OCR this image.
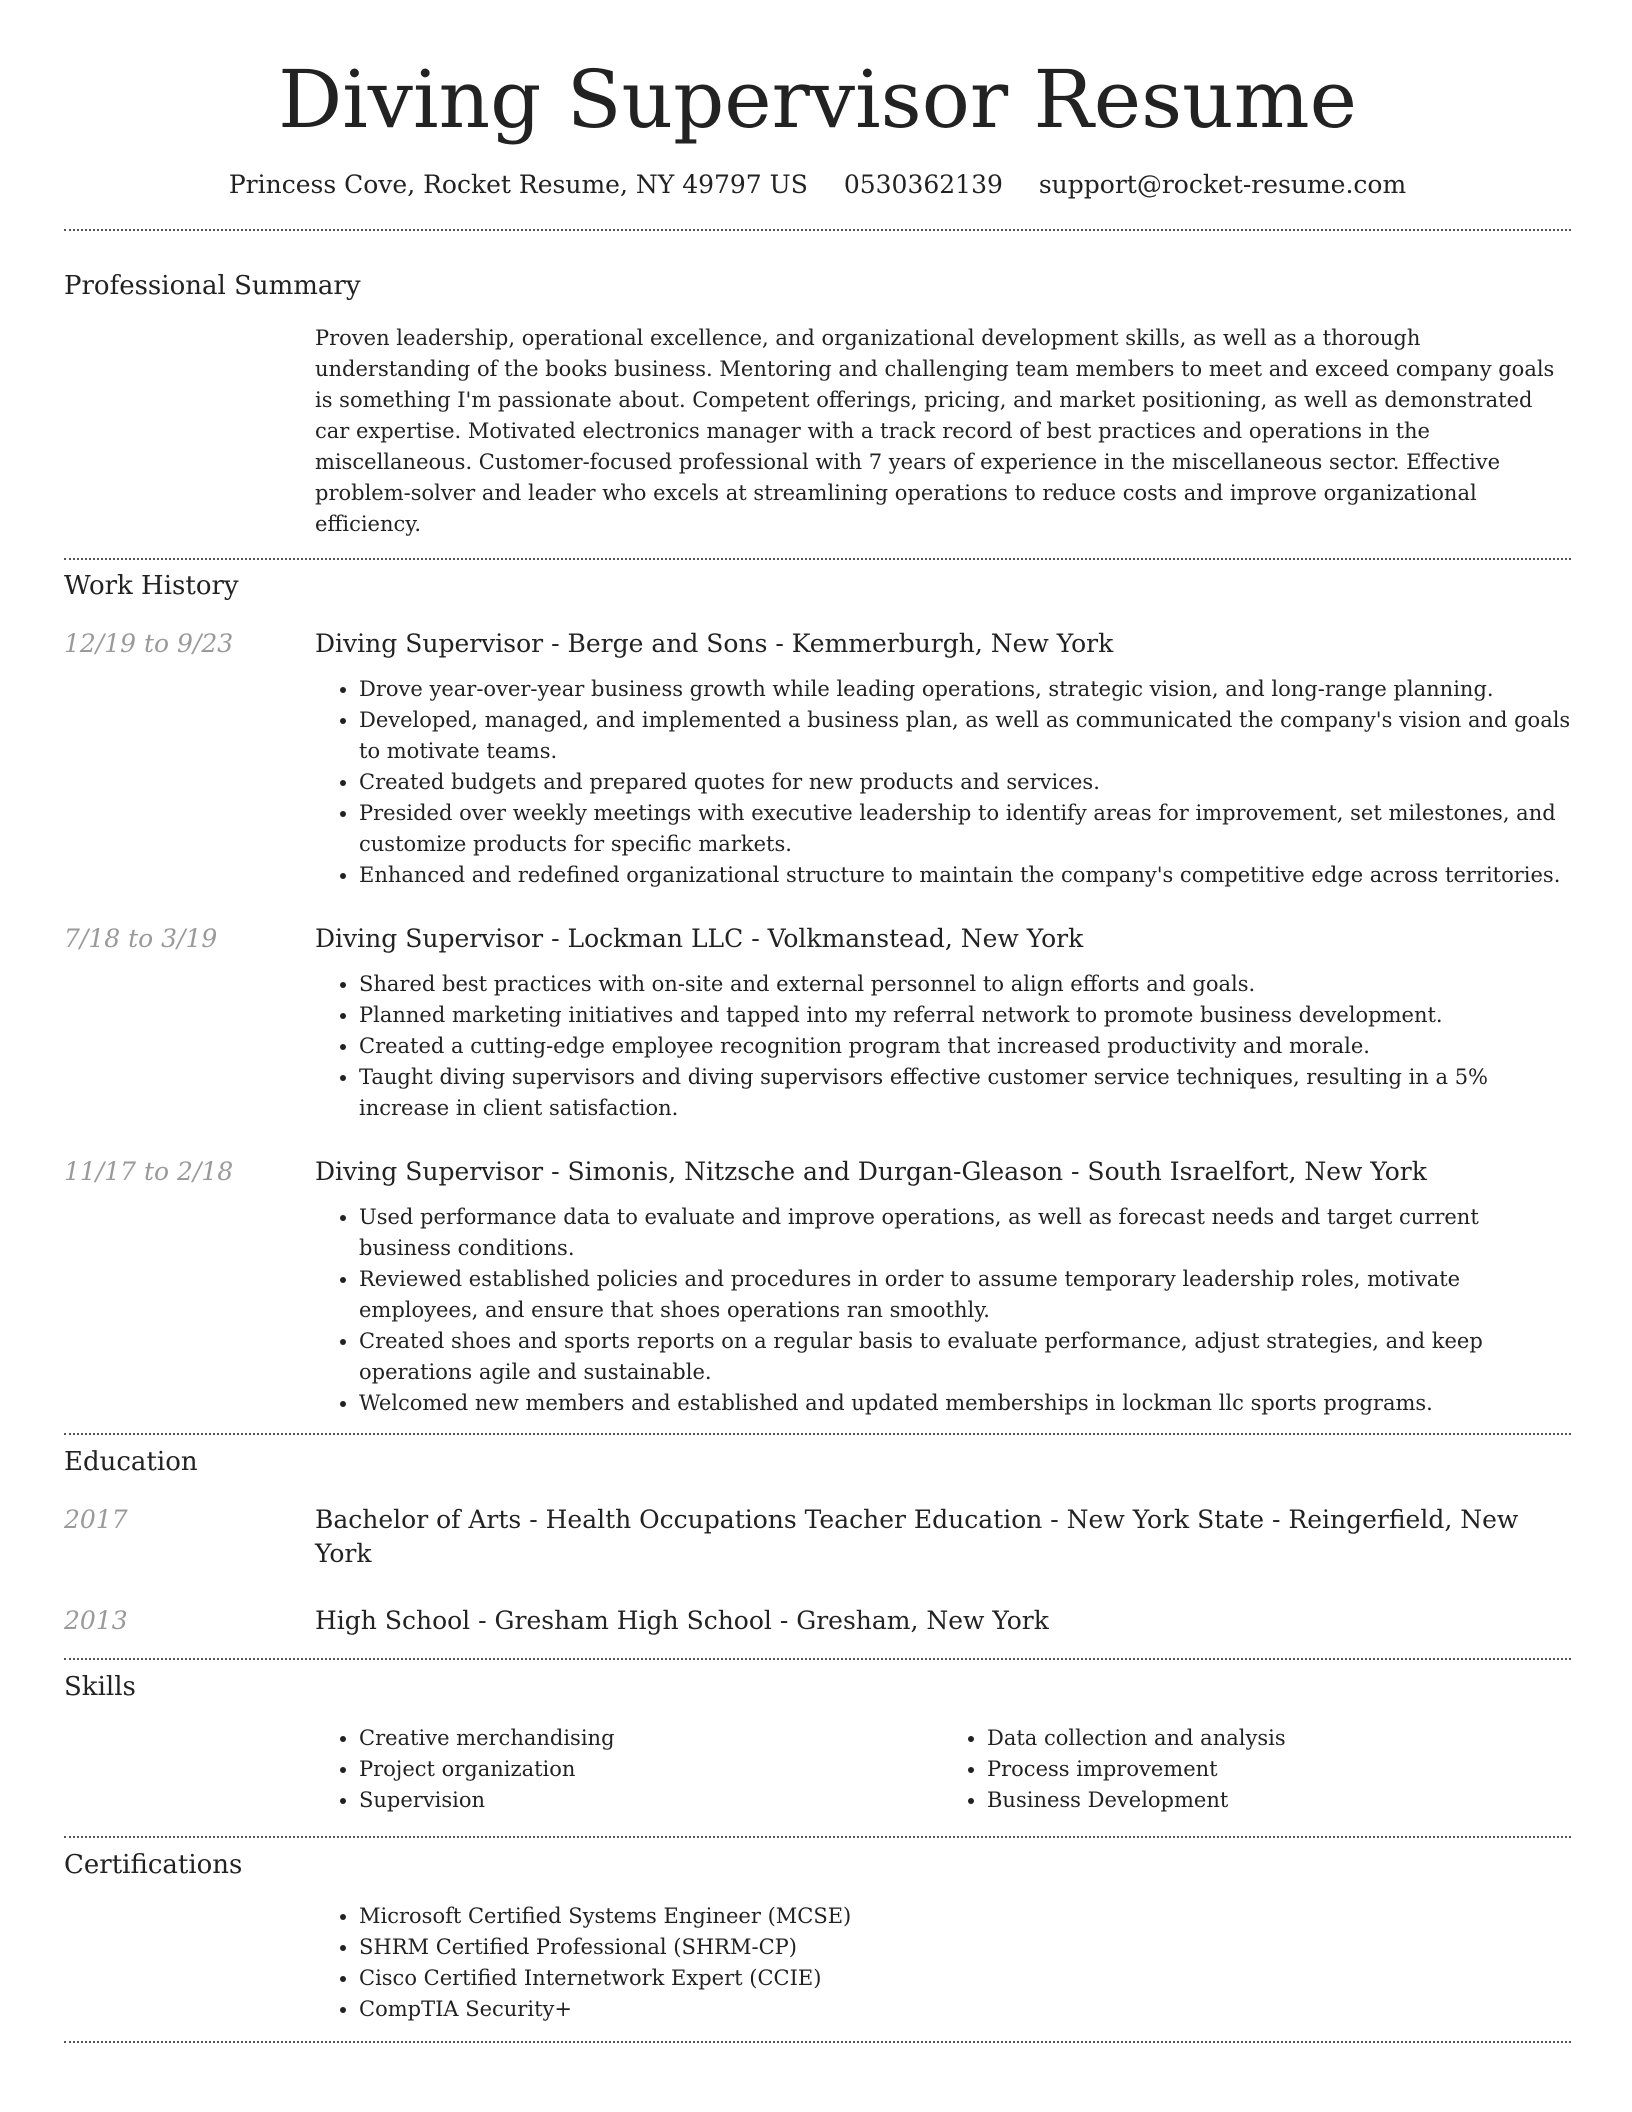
Diving Supervisor Resume
Princess Cove, Rocket Resume, NY 49797 US 0530362139 support@rocket-resume.com
Professional Summary
Proven leadership, operational excellence, and organizational development skills, as well as a thorough understanding of the books business. Mentoring and challenging team members to meet and exceed company goals is something I'm passionate about. Competent offerings, pricing, and market positioning, as well as demonstrated car expertise. Motivated electronics manager with a track record of best practices and operations in the miscellaneous. Customer-focused professional with 7 years of experience in the miscellaneous sector. Effective problem-solver and leader who excels at streamlining operations to reduce costs and improve organizational efficiency.
Work History
12/19 to 9/23	Diving Supervisor - Berge and Sons - Kemmerburgh, New York
• Drove year-over-year business growth while leading operations, strategic vision, and long-range planning.
• Developed, managed, and implemented a business plan, as well as communicated the company's vision and goals to motivate teams.
• Created budgets and prepared quotes for new products and services.
• Presided over weekly meetings with executive leadership to identify areas for improvement, set milestones, and customize products for specific markets.
• Enhanced and redefined organizational structure to maintain the company's competitive edge across territories.
7/18 to 3/19	Diving Supervisor - Lockman LLC - Volkmanstead, New York
• Shared best practices with on-site and external personnel to align efforts and goals.
• Planned marketing initiatives and tapped into my referral network to promote business development.
• Created a cutting-edge employee recognition program that increased productivity and morale.
• Taught diving supervisors and diving supervisors effective customer service techniques, resulting in a 5% increase in client satisfaction.
11/17 to 2/18	Diving Supervisor - Simonis, Nitzsche and Durgan-Gleason - South Israelfort, New York
• Used performance data to evaluate and improve operations, as well as forecast needs and target current business conditions.
• Reviewed established policies and procedures in order to assume temporary leadership roles, motivate employees, and ensure that shoes operations ran smoothly.
• Created shoes and sports reports on a regular basis to evaluate performance, adjust strategies, and keep operations agile and sustainable.
• Welcomed new members and established and updated memberships in lockman llc sports programs.
Education
2017	Bachelor of Arts - Health Occupations Teacher Education - New York State - Reingerfield, New York
2013	High School - Gresham High School - Gresham, New York
Skills
• Creative merchandising
• Project organization
• Supervision
• Data collection and analysis
• Process improvement
• Business Development
Certifications
• Microsoft Certified Systems Engineer (MCSE)
• SHRM Certified Professional (SHRM-CP)
• Cisco Certified Internetwork Expert (CCIE)
• CompTIA Security+
